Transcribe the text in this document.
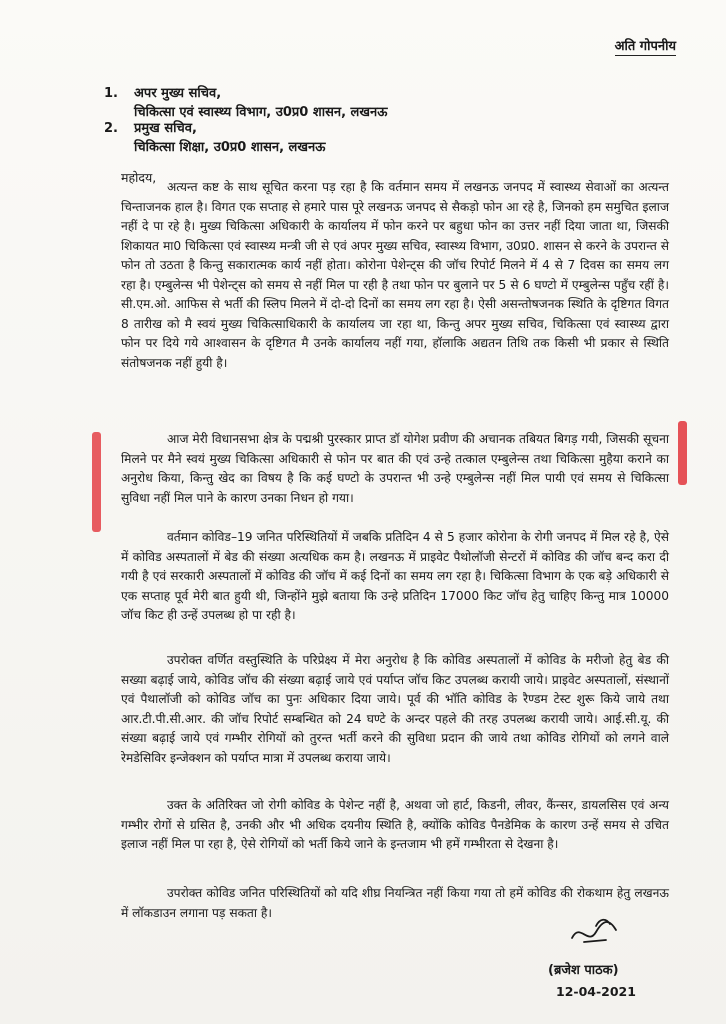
अति गोपनीय
1.	अपर मुख्य सचिव,
चिकित्सा एवं स्वास्थ्य विभाग, उ0प्र0 शासन, लखनऊ
2.	प्रमुख सचिव,
चिकित्सा शिक्षा, उ0प्र0 शासन, लखनऊ
महोदय,
अत्यन्त कष्ट के साथ सूचित करना पड़ रहा है कि वर्तमान समय में लखनऊ जनपद में स्वास्थ्य सेवाओं का अत्यन्त चिन्ताजनक हाल है। विगत एक सप्ताह से हमारे पास पूरे लखनऊ जनपद से सैकड़ो फोन आ रहे है, जिनको हम समुचित इलाज नहीं दे पा रहे है। मुख्य चिकित्सा अधिकारी के कार्यालय में फोन करने पर बहुधा फोन का उत्तर नहीं दिया जाता था, जिसकी शिकायत मा0 चिकित्सा एवं स्वास्थ्य मन्त्री जी से एवं अपर मुख्य सचिव, स्वास्थ्य विभाग, उ0प्र0. शासन से करने के उपरान्त से फोन तो उठता है किन्तु सकारात्मक कार्य नहीं होता। कोरोना पेशेन्ट्स की जॉच रिपोर्ट मिलने में 4 से 7 दिवस का समय लग रहा है। एम्बुलेन्स भी पेशेन्ट्स को समय से नहीं मिल पा रही है तथा फोन पर बुलाने पर 5 से 6 घण्टो में एम्बुलेन्स पहुँच रहीं है। सी.एम.ओ. आफिस से भर्ती की स्लिप मिलने में दो-दो दिनों का समय लग रहा है। ऐसी असन्तोषजनक स्थिति के दृष्टिगत विगत 8 तारीख को मै स्वयं मुख्य चिकित्साधिकारी के कार्यालय जा रहा था, किन्तु अपर मुख्य सचिव, चिकित्सा एवं स्वास्थ्य द्वारा फोन पर दिये गये आश्वासन के दृष्टिगत मै उनके कार्यालय नहीं गया, हॉलाकि अद्यतन तिथि तक किसी भी प्रकार से स्थिति संतोषजनक नहीं हुयी है।
आज मेरी विधानसभा क्षेत्र के पद्मश्री पुरस्कार प्राप्त डॉ योगेश प्रवीण की अचानक तबियत बिगड़ गयी, जिसकी सूचना मिलने पर मैने स्वयं मुख्य चिकित्सा अधिकारी से फोन पर बात की एवं उन्हे तत्काल एम्बुलेन्स तथा चिकित्सा मुहैया कराने का अनुरोध किया, किन्तु खेद का विषय है कि कई घण्टो के उपरान्त भी उन्हे एम्बुलेन्स नहीं मिल पायी एवं समय से चिकित्सा सुविधा नहीं मिल पाने के कारण उनका निधन हो गया।
वर्तमान कोविड–19 जनित परिस्थितियों में जबकि प्रतिदिन 4 से 5 हजार कोरोना के रोगी जनपद में मिल रहे है, ऐसे में कोविड अस्पतालों में बेड की संख्या अत्यधिक कम है। लखनऊ में प्राइवेट पैथोलॉजी सेन्टरों में कोविड की जॉच बन्द करा दी गयी है एवं सरकारी अस्पतालों में कोविड की जॉच में कई दिनों का समय लग रहा है। चिकित्सा विभाग के एक बड़े अधिकारी से एक सप्ताह पूर्व मेरी बात हुयी थी, जिन्होंने मुझे बताया कि उन्हे प्रतिदिन 17000 किट जॉच हेतु चाहिए किन्तु मात्र 10000 जॉच किट ही उन्हें उपलब्ध हो पा रही है।
उपरोक्त वर्णित वस्तुस्थिति के परिप्रेक्ष्य में मेरा अनुरोध है कि कोविड अस्पतालों में कोविड के मरीजो हेतु बेड की सख्या बढ़ाई जाये, कोविड जॉच की संख्या बढ़ाई जाये एवं पर्याप्त जॉच किट उपलब्ध करायी जाये। प्राइवेट अस्पतालों, संस्थानों एवं पैथालॉजी को कोविड जॉच का पुनः अधिकार दिया जाये। पूर्व की भॉति कोविड के रैण्डम टेस्ट शुरू किये जाये तथा आर.टी.पी.सी.आर. की जॉच रिपोर्ट सम्बन्धित को 24 घण्टे के अन्दर पहले की तरह उपलब्ध करायी जाये। आई.सी.यू. की संख्या बढ़ाई जाये एवं गम्भीर रोगियों को तुरन्त भर्ती करने की सुविधा प्रदान की जाये तथा कोविड रोगियों को लगने वाले रेमडेसिविर इन्जेक्शन को पर्याप्त मात्रा में उपलब्ध कराया जाये।
उक्त के अतिरिक्त जो रोगी कोविड के पेशेन्ट नहीं है, अथवा जो हार्ट, किडनी, लीवर, कैंन्सर, डायलसिस एवं अन्य गम्भीर रोगों से ग्रसित है, उनकी और भी अधिक दयनीय स्थिति है, क्योंकि कोविड पैनडेमिक के कारण उन्हें समय से उचित इलाज नहीं मिल पा रहा है, ऐसे रोगियों को भर्ती किये जाने के इन्तजाम भी हमें गम्भीरता से देखना है।
उपरोक्त कोविड जनित परिस्थितियों को यदि शीघ्र नियन्त्रित नहीं किया गया तो हमें कोविड की रोकथाम हेतु लखनऊ में लॉकडाउन लगाना पड़ सकता है।
(ब्रजेश पाठक)
12-04-2021
